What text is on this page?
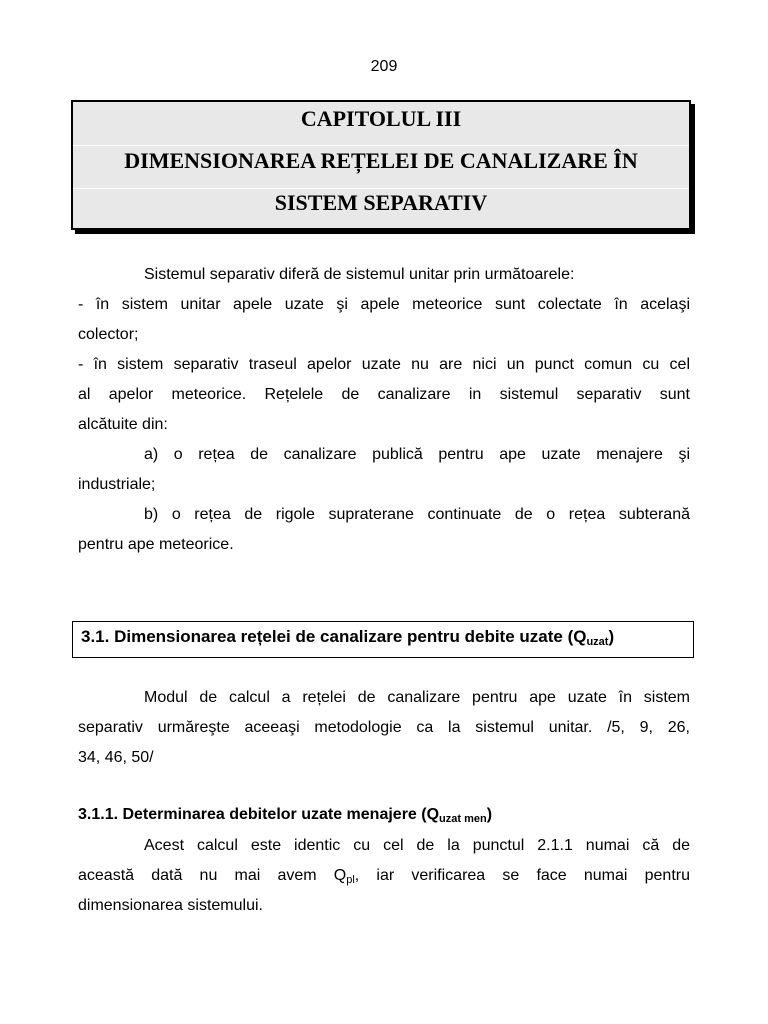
209
CAPITOLUL III
DIMENSIONAREA REȚELEI DE CANALIZARE ÎN
SISTEM SEPARATIV
Sistemul separativ diferă de sistemul unitar prin următoarele:
- în sistem unitar apele uzate şi apele meteorice sunt colectate în acelaşi
colector;
- în sistem separativ traseul apelor uzate nu are nici un punct comun cu cel
al apelor meteorice. Rețelele de canalizare in sistemul separativ sunt
alcătuite din:
a) o rețea de canalizare publică pentru ape uzate menajere şi
industriale;
b) o rețea de rigole supraterane continuate de o rețea subterană
pentru ape meteorice.
3.1. Dimensionarea rețelei de canalizare pentru debite uzate $(Q_{uzat})$
Modul de calcul a rețelei de canalizare pentru ape uzate în sistem
separativ urmăreşte aceeaşi metodologie ca la sistemul unitar. /5, 9, 26,
34, 46, 50/
3.1.1. Determinarea debitelor uzate menajere $(Q_{uzat men})$
Acest calcul este identic cu cel de la punctul 2.1.1 numai că de
această dată nu mai avem $Q_{pl}$, iar verificarea se face numai pentru
dimensionarea sistemului.
